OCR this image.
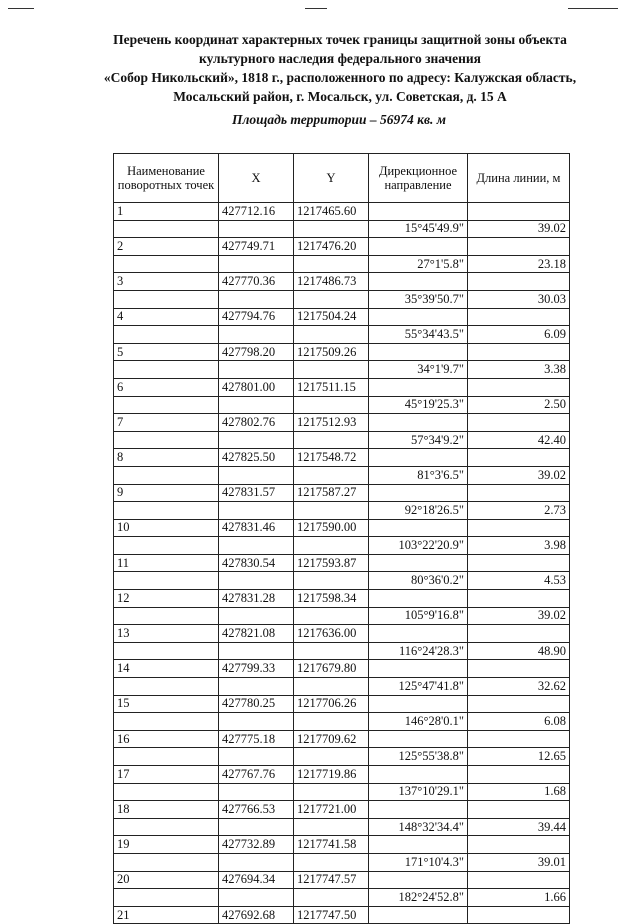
Перечень координат характерных точек границы защитной зоны объекта
культурного наследия федерального значения
«Собор Никольский», 1818 г., расположенного по адресу: Калужская область,
Мосальский район, г. Мосальск, ул. Советская, д. 15 А
Площадь территории – 56974 кв. м
Наименование поворотных точек	X	Y	Дирекционное направление	Длина линии, м
1	427712.16	1217465.60		
			15°45'49.9"	39.02
2	427749.71	1217476.20		
			27°1'5.8"	23.18
3	427770.36	1217486.73		
			35°39'50.7"	30.03
4	427794.76	1217504.24		
			55°34'43.5"	6.09
5	427798.20	1217509.26		
			34°1'9.7"	3.38
6	427801.00	1217511.15		
			45°19'25.3"	2.50
7	427802.76	1217512.93		
			57°34'9.2"	42.40
8	427825.50	1217548.72		
			81°3'6.5"	39.02
9	427831.57	1217587.27		
			92°18'26.5"	2.73
10	427831.46	1217590.00		
			103°22'20.9"	3.98
11	427830.54	1217593.87		
			80°36'0.2"	4.53
12	427831.28	1217598.34		
			105°9'16.8"	39.02
13	427821.08	1217636.00		
			116°24'28.3"	48.90
14	427799.33	1217679.80		
			125°47'41.8"	32.62
15	427780.25	1217706.26		
			146°28'0.1"	6.08
16	427775.18	1217709.62		
			125°55'38.8"	12.65
17	427767.76	1217719.86		
			137°10'29.1"	1.68
18	427766.53	1217721.00		
			148°32'34.4"	39.44
19	427732.89	1217741.58		
			171°10'4.3"	39.01
20	427694.34	1217747.57		
			182°24'52.8"	1.66
21	427692.68	1217747.50		
